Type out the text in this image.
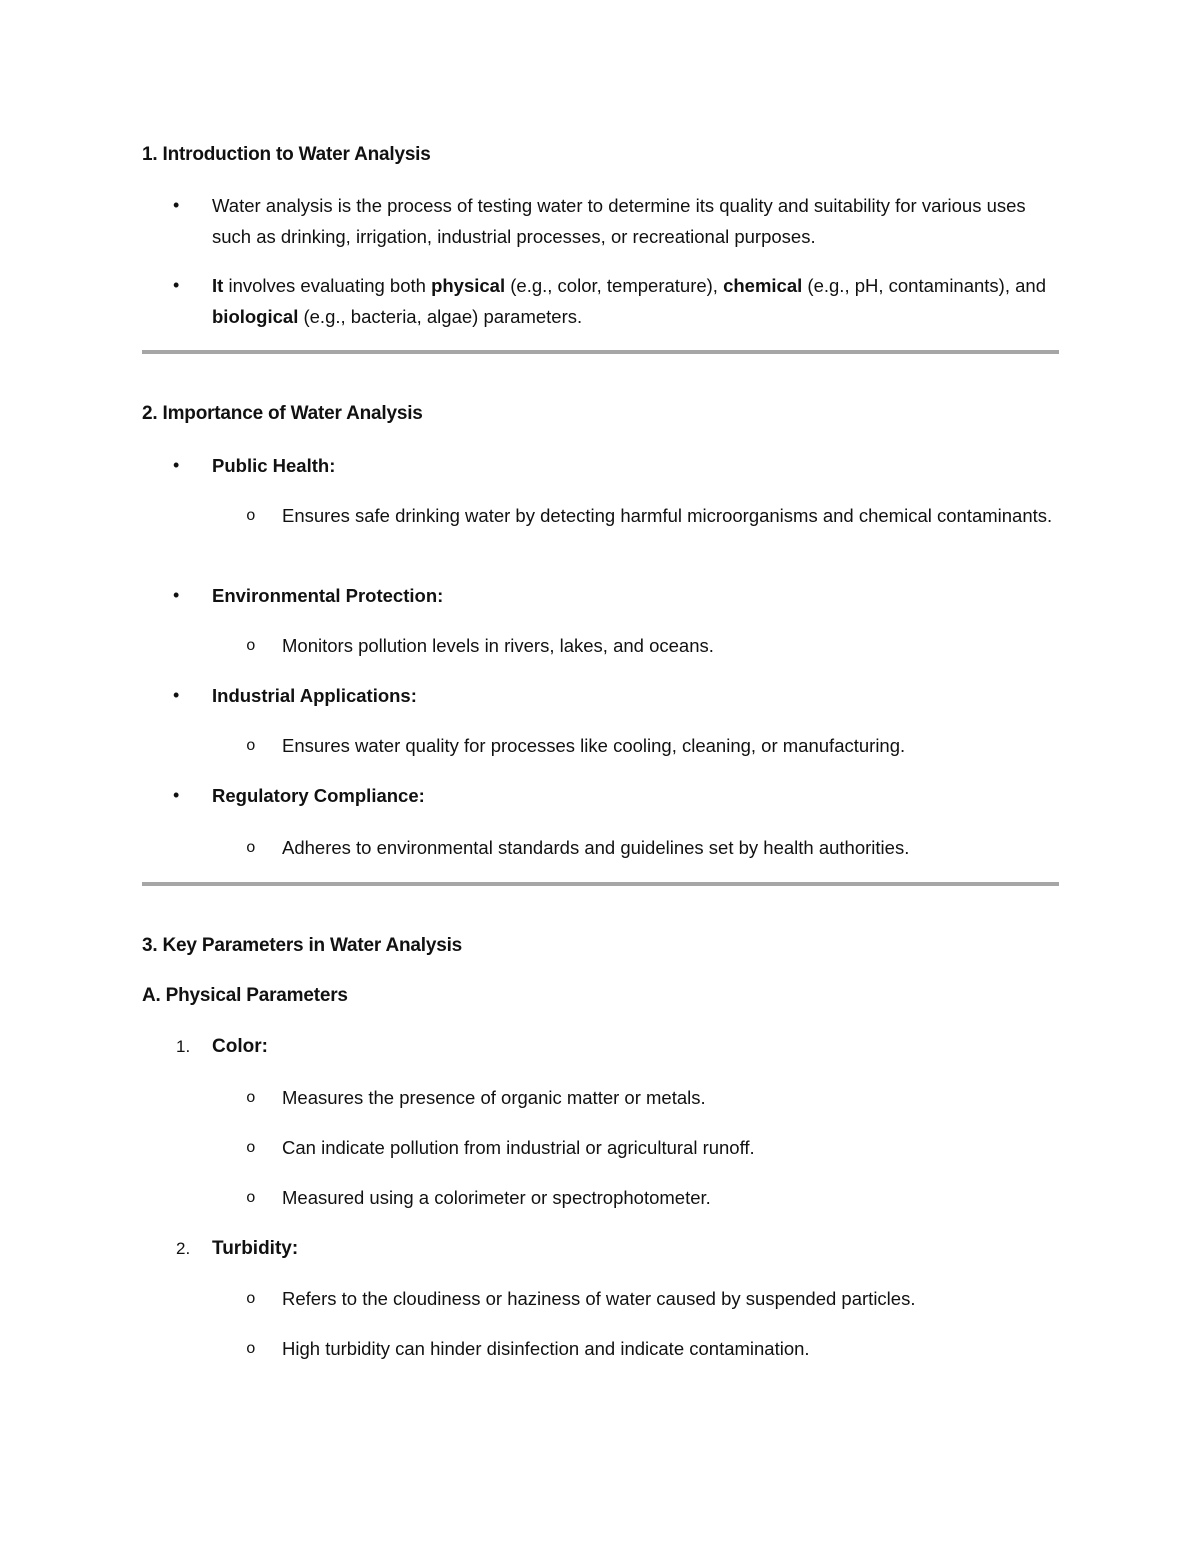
1. Introduction to Water Analysis
• Water analysis is the process of testing water to determine its quality and suitability for various uses such as drinking, irrigation, industrial processes, or recreational purposes.
• It involves evaluating both physical (e.g., color, temperature), chemical (e.g., pH, contaminants), and biological (e.g., bacteria, algae) parameters.
2. Importance of Water Analysis
• Public Health:
o Ensures safe drinking water by detecting harmful microorganisms and chemical contaminants.
• Environmental Protection:
o Monitors pollution levels in rivers, lakes, and oceans.
• Industrial Applications:
o Ensures water quality for processes like cooling, cleaning, or manufacturing.
• Regulatory Compliance:
o Adheres to environmental standards and guidelines set by health authorities.
3. Key Parameters in Water Analysis
A. Physical Parameters
1. Color:
o Measures the presence of organic matter or metals.
o Can indicate pollution from industrial or agricultural runoff.
o Measured using a colorimeter or spectrophotometer.
2. Turbidity:
o Refers to the cloudiness or haziness of water caused by suspended particles.
o High turbidity can hinder disinfection and indicate contamination.
